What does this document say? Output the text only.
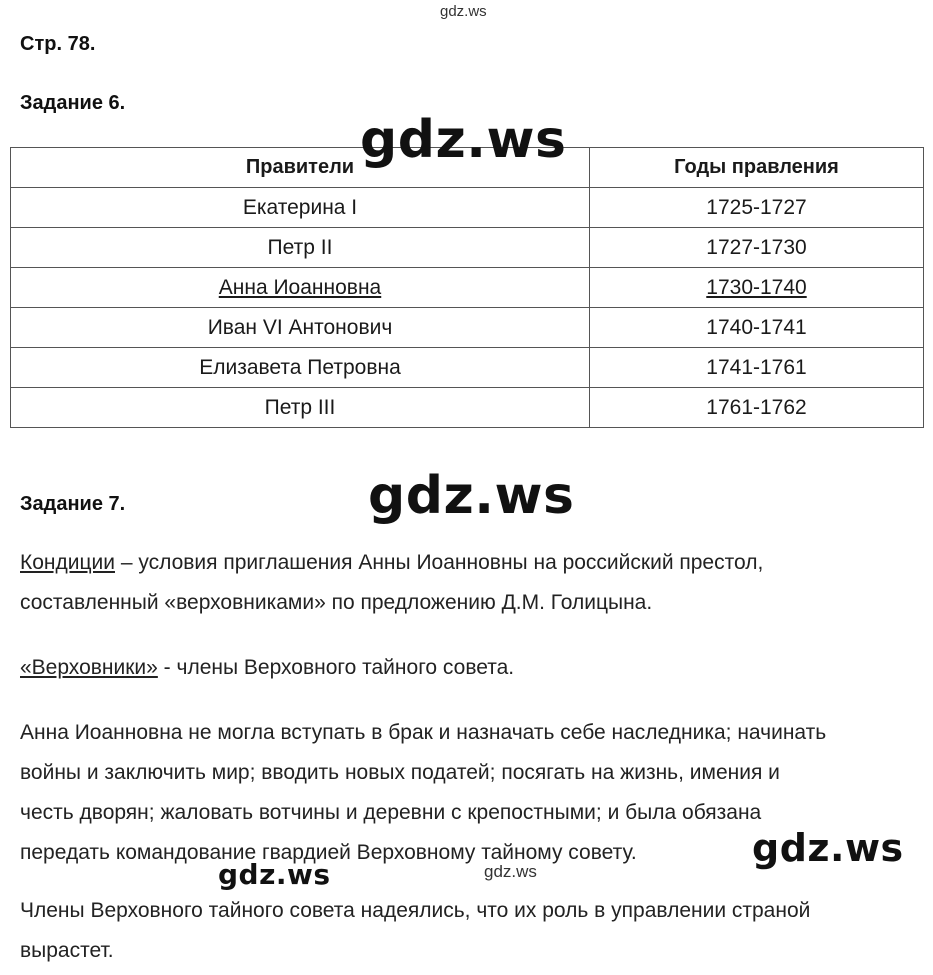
gdz.ws
Стр. 78.
Задание 6.
Правители	Годы правления
Екатерина I	1725-1727
Петр II	1727-1730
Анна Иоанновна	1730-1740
Иван VI Антонович	1740-1741
Елизавета Петровна	1741-1761
Петр III	1761-1762
gdz.ws
Задание 7.	gdz.ws
Кондиции – условия приглашения Анны Иоанновны на российский престол,
составленный «верховниками» по предложению Д.М. Голицына.
«Верховники» - члены Верховного тайного совета.
Анна Иоанновна не могла вступать в брак и назначать себе наследника; начинать
войны и заключить мир; вводить новых податей; посягать на жизнь, имения и
честь дворян; жаловать вотчины и деревни с крепостными; и была обязана
передать командование гвардией Верховному тайному совету.	gdz.ws
gdz.ws	gdz.ws
Члены Верховного тайного совета надеялись, что их роль в управлении страной
вырастет.
